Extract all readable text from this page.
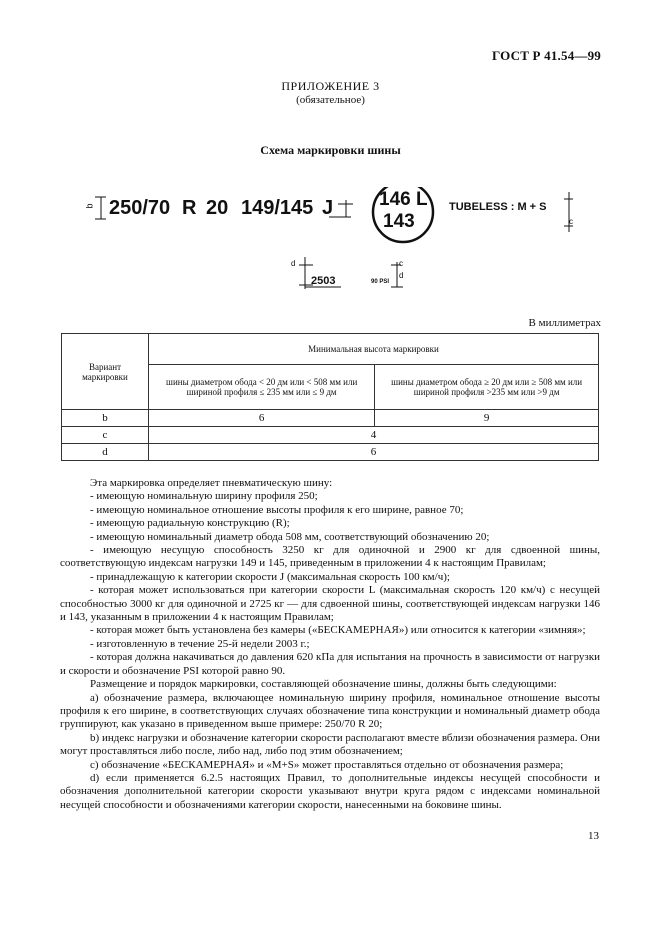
ГОСТ Р 41.54—99
ПРИЛОЖЕНИЕ 3
(обязательное)
Схема маркировки шины
b 250/70 R 20 149/145 J 146 L
143
TUBELESS : M + S
c
d
2503	90 PSI
c
d
В миллиметрах
Вариант маркировки	Минимальная высота маркировки	
	шины диаметром обода < 20 дм или < 508 мм или шириной профиля ≤ 235 мм или ≤ 9 дм	шины диаметром обода ≥ 20 дм или ≥ 508 мм или шириной профиля >235 мм или >9 дм
b	6	9
c	4	
d	6	

Эта маркировка определяет пневматическую шину:

- имеющую номинальную ширину профиля 250;

- имеющую номинальное отношение высоты профиля к его ширине, равное 70;

- имеющую радиальную конструкцию (R);

- имеющую номинальный диаметр обода 508 мм, соответствующий обозначению 20;

- имеющую несущую способность 3250 кг для одиночной и 2900 кг для сдвоенной шины, соответствующую индексам нагрузки 149 и 145, приведенным в приложении 4 к настоящим Правилам;

- принадлежащую к категории скорости J (максимальная скорость 100 км/ч);

- которая может использоваться при категории скорости L (максимальная скорость 120 км/ч) с несущей способностью 3000 кг для одиночной и 2725 кг — для сдвоенной шины, соответствующей индексам нагрузки 146 и 143, указанным в приложении 4 к настоящим Правилам;

- которая может быть установлена без камеры («БЕСКАМЕРНАЯ») или относится к категории «зимняя»;

- изготовленную в течение 25-й недели 2003 г.;

- которая должна накачиваться до давления 620 кПа для испытания на прочность в зависимости от нагрузки и скорости и обозначение PSI которой равно 90.

Размещение и порядок маркировки, составляющей обозначение шины, должны быть следующими:

а) обозначение размера, включающее номинальную ширину профиля, номинальное отношение высоты профиля к его ширине, в соответствующих случаях обозначение типа конструкции и номинальный диаметр обода группируют, как указано в приведенном выше примере: 250/70 R 20;

b) индекс нагрузки и обозначение категории скорости располагают вместе вблизи обозначения размера. Они могут проставляться либо после, либо над, либо под этим обозначением;

c) обозначение «БЕСКАМЕРНАЯ» и «M+S» может проставляться отдельно от обозначения размера;

d) если применяется 6.2.5 настоящих Правил, то дополнительные индексы несущей способности и обозначения дополнительной категории скорости указывают внутри круга рядом с индексами номинальной несущей способности и обозначениями категории скорости, нанесенными на боковине шины.

13
